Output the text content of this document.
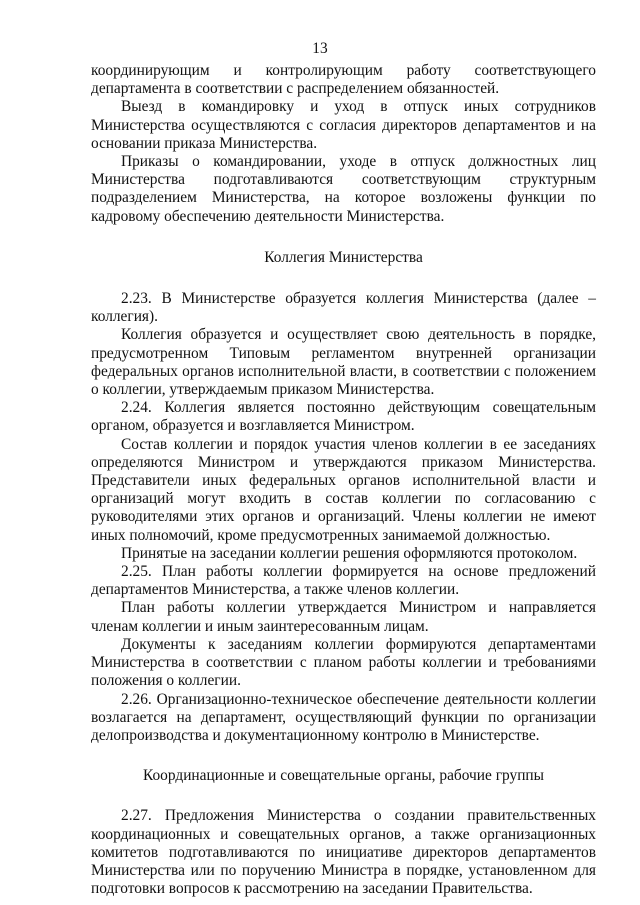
13

координирующим и контролирующим работу соответствующего департамента в соответствии с распределением обязанностей.

Выезд в командировку и уход в отпуск иных сотрудников Министерства осуществляются с согласия директоров департаментов и на основании приказа Министерства.

Приказы о командировании, уходе в отпуск должностных лиц Министерства подготавливаются соответствующим структурным подразделением Министерства, на которое возложены функции по кадровому обеспечению деятельности Министерства.

Коллегия Министерства

2.23. В Министерстве образуется коллегия Министерства (далее – коллегия).

Коллегия образуется и осуществляет свою деятельность в порядке, предусмотренном Типовым регламентом внутренней организации федеральных органов исполнительной власти, в соответствии с положением о коллегии, утверждаемым приказом Министерства.

2.24. Коллегия является постоянно действующим совещательным органом, образуется и возглавляется Министром.

Состав коллегии и порядок участия членов коллегии в ее заседаниях определяются Министром и утверждаются приказом Министерства. Представители иных федеральных органов исполнительной власти и организаций могут входить в состав коллегии по согласованию с руководителями этих органов и организаций. Члены коллегии не имеют иных полномочий, кроме предусмотренных занимаемой должностью.

Принятые на заседании коллегии решения оформляются протоколом.

2.25. План работы коллегии формируется на основе предложений департаментов Министерства, а также членов коллегии.

План работы коллегии утверждается Министром и направляется членам коллегии и иным заинтересованным лицам.

Документы к заседаниям коллегии формируются департаментами Министерства в соответствии с планом работы коллегии и требованиями положения о коллегии.

2.26. Организационно-техническое обеспечение деятельности коллегии возлагается на департамент, осуществляющий функции по организации делопроизводства и документационному контролю в Министерстве.

Координационные и совещательные органы, рабочие группы

2.27. Предложения Министерства о создании правительственных координационных и совещательных органов, а также организационных комитетов подготавливаются по инициативе директоров департаментов Министерства или по поручению Министра в порядке, установленном для подготовки вопросов к рассмотрению на заседании Правительства.
